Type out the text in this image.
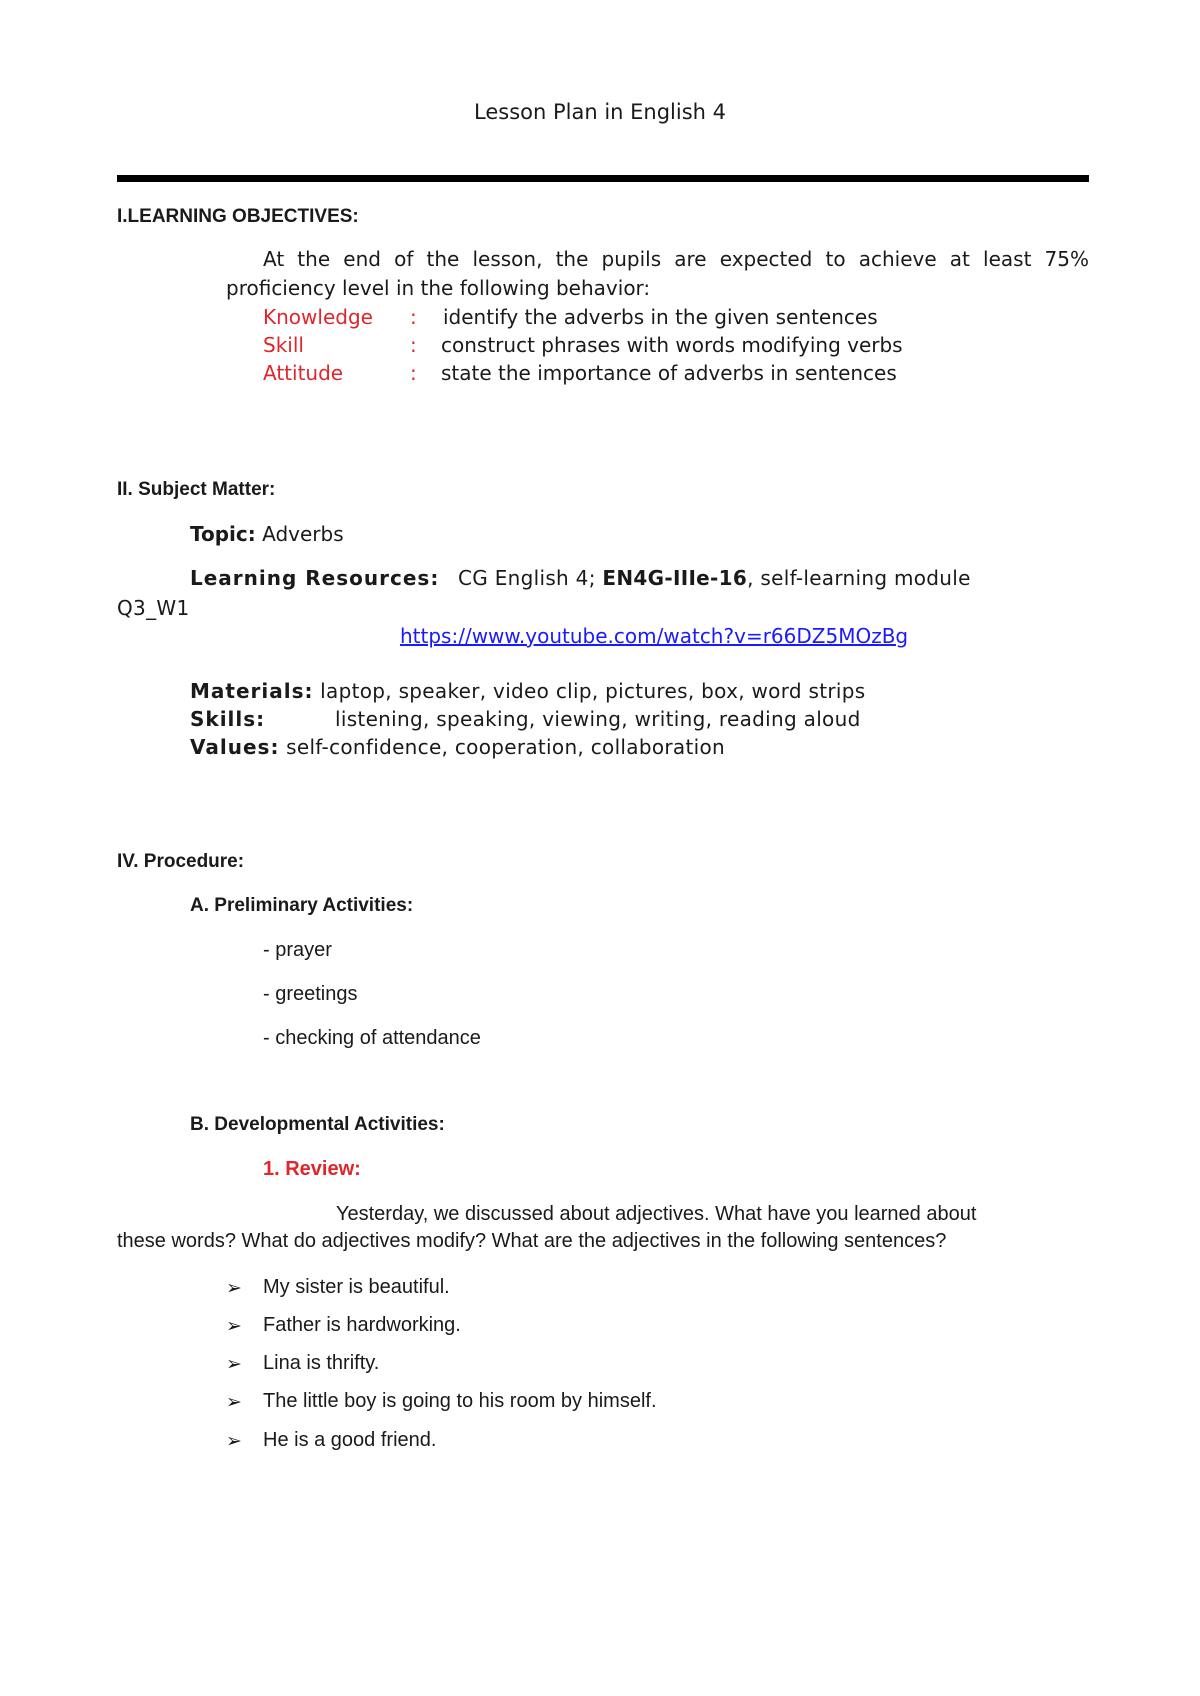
Lesson Plan in English 4
I.LEARNING OBJECTIVES:
At the end of the lesson, the pupils are expected to achieve at least 75%
proficiency level in the following behavior:
Knowledge : identify the adverbs in the given sentences
Skill	: construct phrases with words modifying verbs
Attitude	: state the importance of adverbs in sentences
II. Subject Matter:
Topic: Adverbs
Learning Resources: CG English 4; EN4G-IIIe-16, self-learning module
Q3_W1
https://www.youtube.com/watch?v=r66DZ5MOzBg
Materials: laptop, speaker, video clip, pictures, box, word strips
Skills:	listening, speaking, viewing, writing, reading aloud
Values: self-confidence, cooperation, collaboration
IV. Procedure:
A. Preliminary Activities:
- prayer
- greetings
- checking of attendance
B. Developmental Activities:
1. Review:
Yesterday, we discussed about adjectives. What have you learned about
these words? What do adjectives modify? What are the adjectives in the following sentences?
➢ My sister is beautiful.
➢ Father is hardworking.
➢ Lina is thrifty.
➢ The little boy is going to his room by himself.
➢ He is a good friend.
